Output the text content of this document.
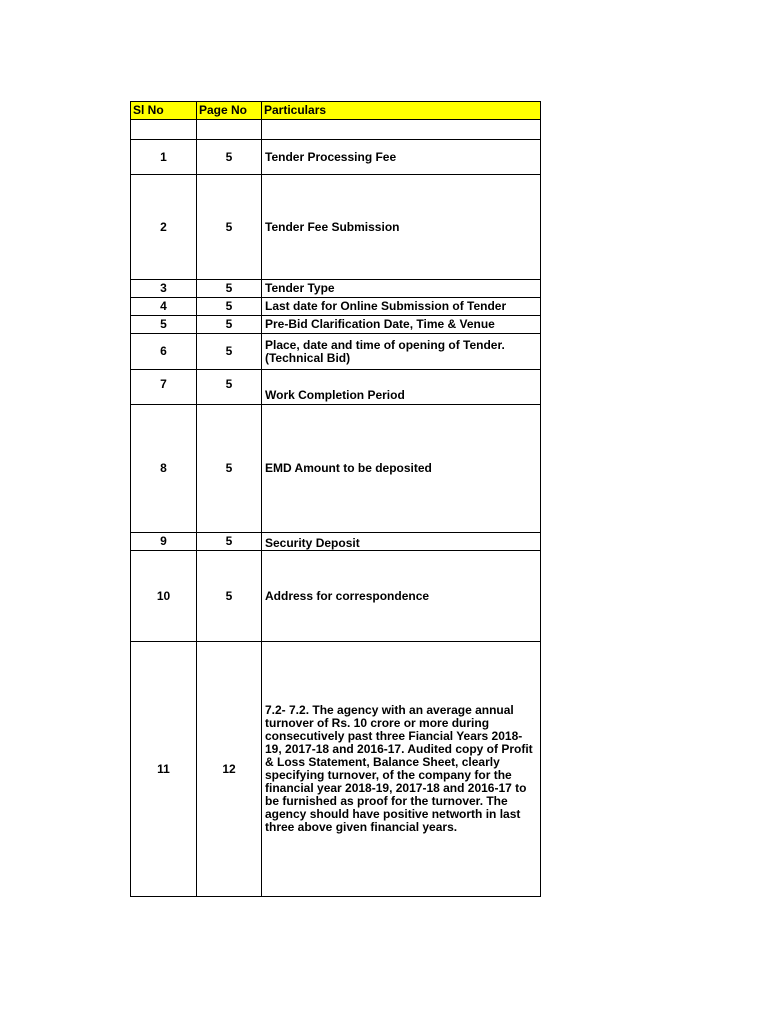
Sl No	Page No	Particulars

1	5	Tender Processing Fee
2	5	Tender Fee Submission
3	5	Tender Type
4	5	Last date for Online Submission of Tender
5	5	Pre-Bid Clarification Date, Time & Venue
6	5	Place, date and time of opening of Tender. (Technical Bid)
7	5	Work Completion Period
8	5	EMD Amount to be deposited
9	5	Security Deposit
10	5	Address for correspondence
11	12	7.2- 7.2. The agency with an average annual turnover of Rs. 10 crore or more during consecutively past three Fiancial Years 2018-19, 2017-18 and 2016-17. Audited copy of Profit & Loss Statement, Balance Sheet, clearly specifying turnover, of the company for the financial year 2018-19, 2017-18 and 2016-17 to be furnished as proof for the turnover. The agency should have positive networth in last three above given financial years.
